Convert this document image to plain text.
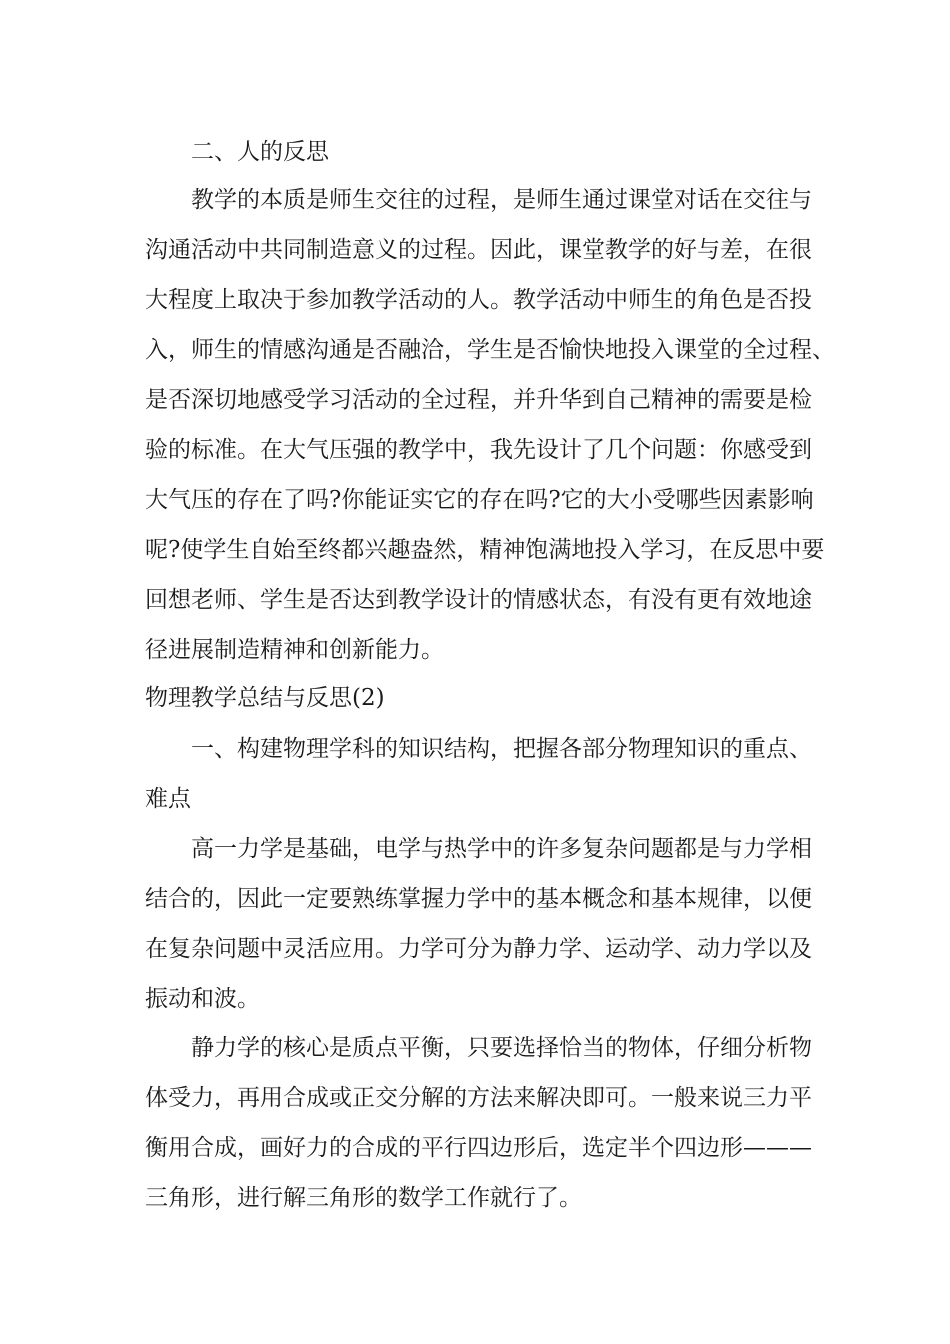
二、人的反思
教学的本质是师生交往的过程，是师生通过课堂对话在交往与
沟通活动中共同制造意义的过程。因此，课堂教学的好与差，在很
大程度上取决于参加教学活动的人。教学活动中师生的角色是否投
入，师生的情感沟通是否融洽，学生是否愉快地投入课堂的全过程、
是否深切地感受学习活动的全过程，并升华到自己精神的需要是检
验的标准。在大气压强的教学中，我先设计了几个问题：你感受到
大气压的存在了吗?你能证实它的存在吗?它的大小受哪些因素影响
呢?使学生自始至终都兴趣盎然，精神饱满地投入学习，在反思中要
回想老师、学生是否达到教学设计的情感状态，有没有更有效地途
径进展制造精神和创新能力。
物理教学总结与反思(2)
一、构建物理学科的知识结构，把握各部分物理知识的重点、
难点
高一力学是基础，电学与热学中的许多复杂问题都是与力学相
结合的，因此一定要熟练掌握力学中的基本概念和基本规律，以便
在复杂问题中灵活应用。力学可分为静力学、运动学、动力学以及
振动和波。
静力学的核心是质点平衡，只要选择恰当的物体，仔细分析物
体受力，再用合成或正交分解的方法来解决即可。一般来说三力平
衡用合成，画好力的合成的平行四边形后，选定半个四边形———
三角形，进行解三角形的数学工作就行了。
